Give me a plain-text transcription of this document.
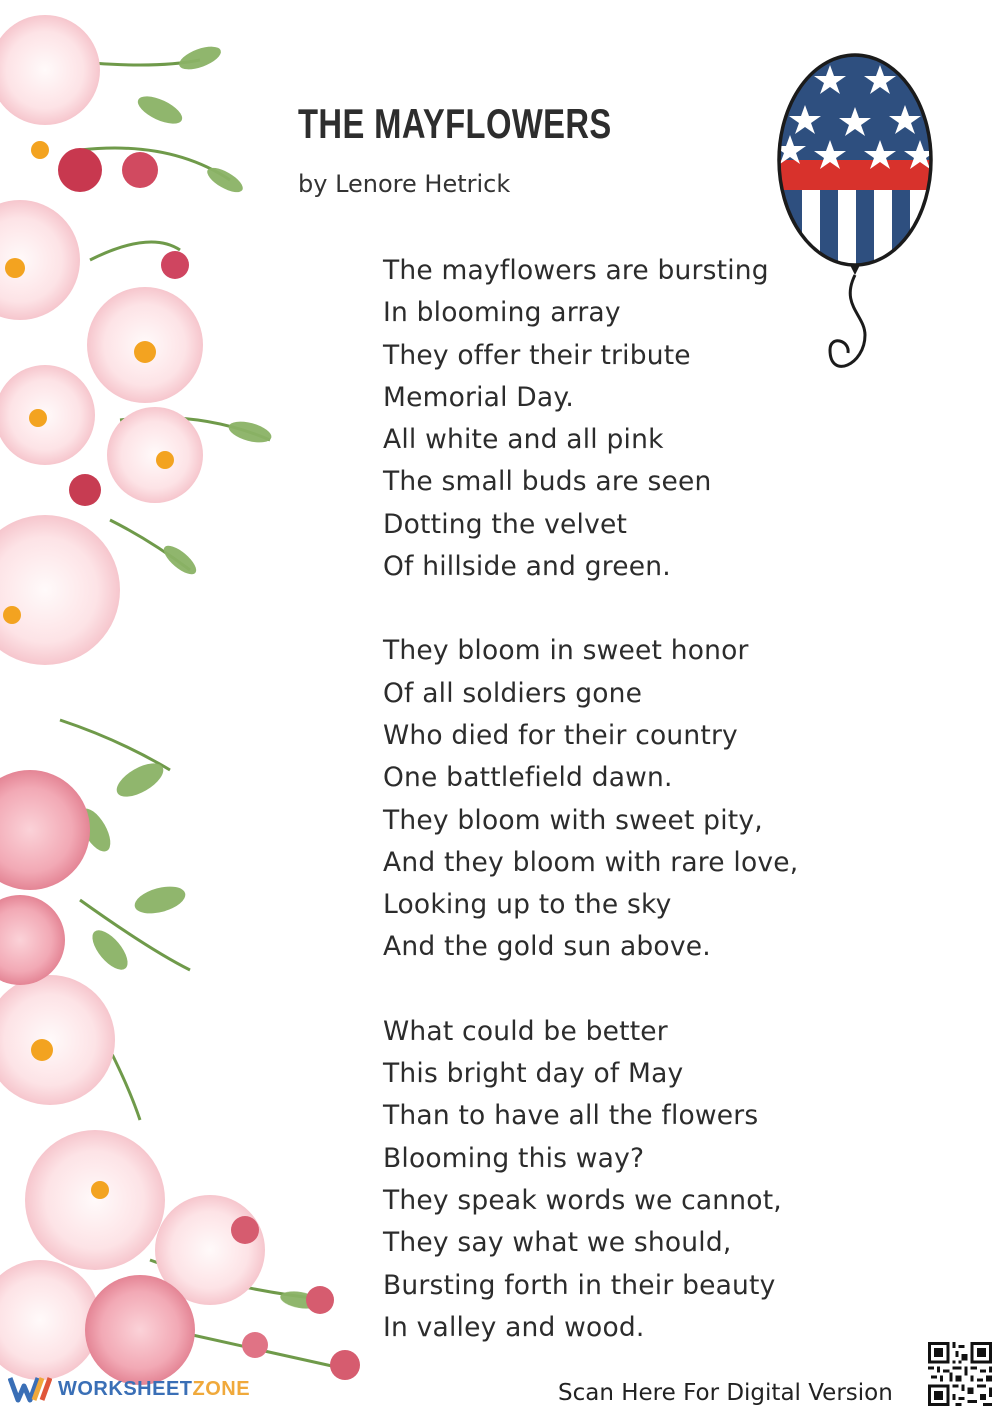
THE MAYFLOWERS
by Lenore Hetrick
The mayflowers are bursting
In blooming array
They offer their tribute
Memorial Day.
All white and all pink
The small buds are seen
Dotting the velvet
Of hillside and green.
They bloom in sweet honor
Of all soldiers gone
Who died for their country
One battlefield dawn.
They bloom with sweet pity,
And they bloom with rare love,
Looking up to the sky
And the gold sun above.
What could be better
This bright day of May
Than to have all the flowers
Blooming this way?
They speak words we cannot,
They say what we should,
Bursting forth in their beauty
In valley and wood.
WORKSHEETZONE	Scan Here For Digital Version
